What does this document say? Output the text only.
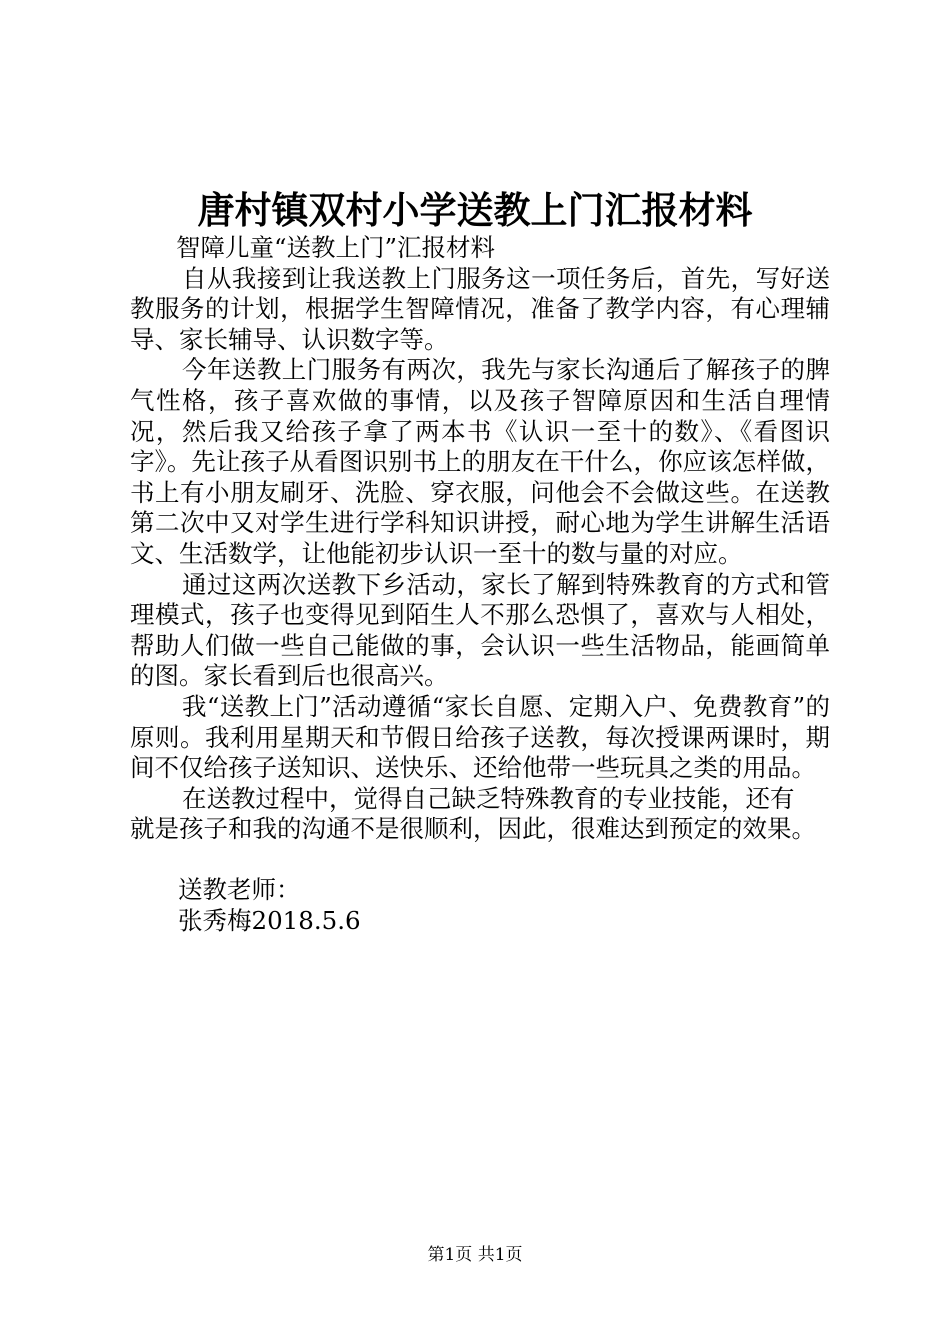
唐村镇双村小学送教上门汇报材料

智障儿童“送教上门”汇报材料

自从我接到让我送教上门服务这一项任务后，首先，写好送教服务的计划，根据学生智障情况，准备了教学内容，有心理辅导、家长辅导、认识数字等。

今年送教上门服务有两次，我先与家长沟通后了解孩子的脾气性格，孩子喜欢做的事情，以及孩子智障原因和生活自理情况，然后我又给孩子拿了两本书《认识一至十的数》、《看图识字》。先让孩子从看图识别书上的朋友在干什么，你应该怎样做，书上有小朋友刷牙、洗脸、穿衣服，问他会不会做这些。在送教第二次中又对学生进行学科知识讲授，耐心地为学生讲解生活语文、生活数学，让他能初步认识一至十的数与量的对应。

通过这两次送教下乡活动，家长了解到特殊教育的方式和管理模式，孩子也变得见到陌生人不那么恐惧了，喜欢与人相处，帮助人们做一些自己能做的事，会认识一些生活物品，能画简单的图。家长看到后也很高兴。

我“送教上门”活动遵循“家长自愿、定期入户、免费教育”的原则。我利用星期天和节假日给孩子送教，每次授课两课时，期间不仅给孩子送知识、送快乐、还给他带一些玩具之类的用品。

在送教过程中，觉得自己缺乏特殊教育的专业技能，还有

就是孩子和我的沟通不是很顺利，因此，很难达到预定的效果。

送教老师：

张秀梅2018.5.6

第1页 共1页
